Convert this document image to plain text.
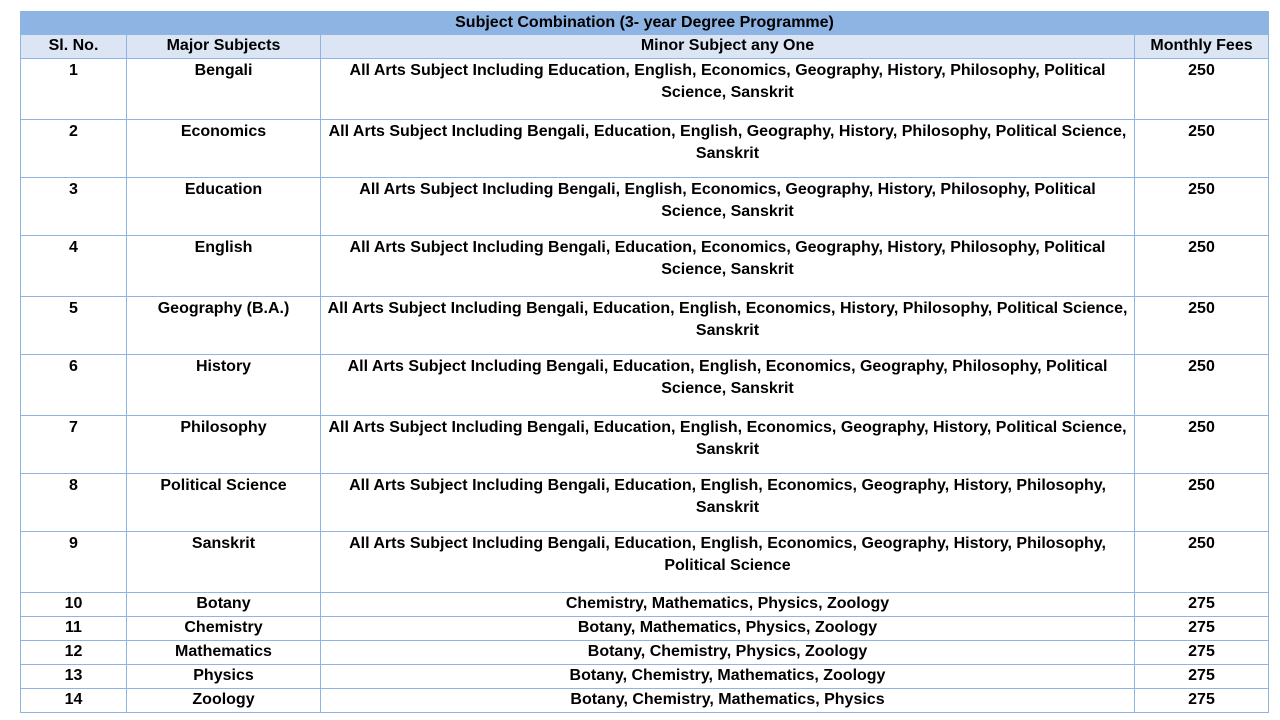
Subject Combination (3- year Degree Programme)			
Sl. No.	Major Subjects	Minor Subject any One	Monthly Fees
1	Bengali	All Arts Subject Including Education, English, Economics, Geography, History, Philosophy, Political Science, Sanskrit	250
2	Economics	All Arts Subject Including Bengali, Education, English, Geography, History, Philosophy, Political Science, Sanskrit	250
3	Education	All Arts Subject Including Bengali, English, Economics, Geography, History, Philosophy, Political Science, Sanskrit	250
4	English	All Arts Subject Including Bengali, Education, Economics, Geography, History, Philosophy, Political Science, Sanskrit	250
5	Geography (B.A.)	All Arts Subject Including Bengali, Education, English, Economics, History, Philosophy, Political Science, Sanskrit	250
6	History	All Arts Subject Including Bengali, Education, English, Economics, Geography, Philosophy, Political Science, Sanskrit	250
7	Philosophy	All Arts Subject Including Bengali, Education, English, Economics, Geography, History, Political Science, Sanskrit	250
8	Political Science	All Arts Subject Including Bengali, Education, English, Economics, Geography, History, Philosophy, Sanskrit	250
9	Sanskrit	All Arts Subject Including Bengali, Education, English, Economics, Geography, History, Philosophy, Political Science	250
10	Botany	Chemistry, Mathematics, Physics, Zoology	275
11	Chemistry	Botany, Mathematics, Physics, Zoology	275
12	Mathematics	Botany, Chemistry, Physics, Zoology	275
13	Physics	Botany, Chemistry, Mathematics, Zoology	275
14	Zoology	Botany, Chemistry, Mathematics, Physics	275
